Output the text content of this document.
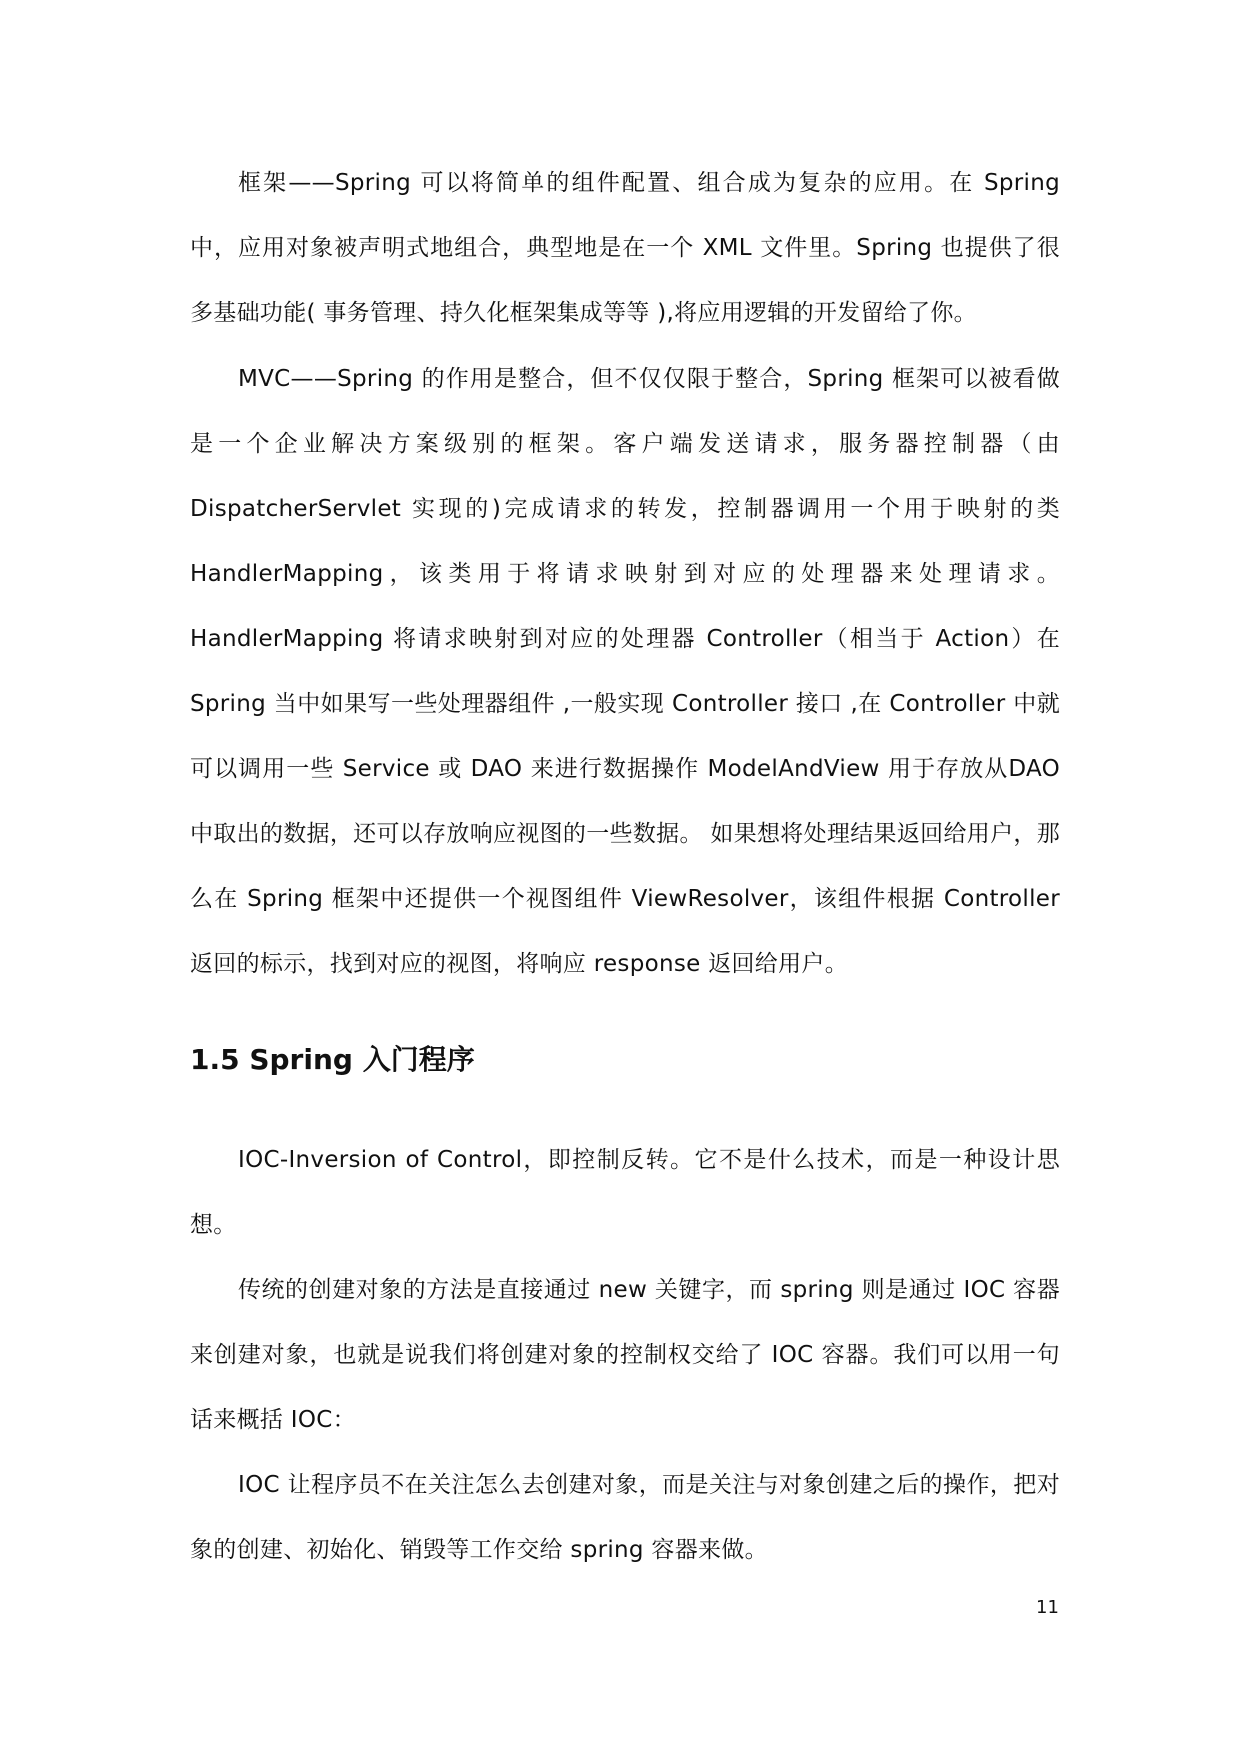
框架——Spring 可以将简单的组件配置、组合成为复杂的应用。在 Spring 中，应用对象被声明式地组合，典型地是在一个 XML 文件里。Spring 也提供了很多基础功能( 事务管理、持久化框架集成等等 ),将应用逻辑的开发留给了你。

MVC——Spring 的作用是整合，但不仅仅限于整合，Spring 框架可以被看做是一个企业解决方案级别的框架。客户端发送请求，服务器控制器（由DispatcherServlet 实现的)完成请求的转发，控制器调用一个用于映射的类HandlerMapping，该类用于将请求映射到对应的处理器来处理请求。HandlerMapping 将请求映射到对应的处理器 Controller（相当于 Action）在Spring 当中如果写一些处理器组件 ,一般实现 Controller 接口 ,在 Controller 中就可以调用一些 Service 或 DAO 来进行数据操作 ModelAndView 用于存放从DAO 中取出的数据，还可以存放响应视图的一些数据。 如果想将处理结果返回给用户，那么在 Spring 框架中还提供一个视图组件 ViewResolver，该组件根据 Controller 返回的标示，找到对应的视图，将响应 response 返回给用户。

1.5 Spring 入门程序

IOC-Inversion of Control，即控制反转。它不是什么技术，而是一种设计思想。

传统的创建对象的方法是直接通过 new 关键字，而 spring 则是通过 IOC 容器来创建对象，也就是说我们将创建对象的控制权交给了 IOC 容器。我们可以用一句话来概括 IOC：

IOC 让程序员不在关注怎么去创建对象，而是关注与对象创建之后的操作，把对象的创建、初始化、销毁等工作交给 spring 容器来做。

11
